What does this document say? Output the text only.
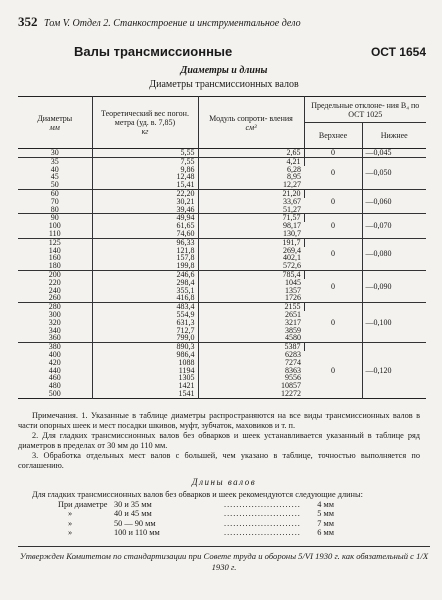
352 Том V. Отдел 2. Станкостроение и инструментальное дело
Валы трансмиссионные	ОСТ 1654
Диаметры и длины
Диаметры трансмиссионных валов
Диаметры
мм	Теоретический вес погон. метра (уд. в. 7,85)
кг	Модуль сопроти- вления
см³	Предельные отклоне- ния В₄ по ОСТ 1025	
			Верхнее	Нижнее
30	5,55	2,65	0	—0,045
35	7,55	4,21	0	—0,050
40	9,86	6,28		
45	12,48	8,95		
50	15,41	12,27		
60	22,20	21,20	0	—0,060
70	30,21	33,67		
80	39,46	51,27		
90	49,94	71,57	0	—0,070
100	61,65	98,17		
110	74,60	130,7		
125	96,33	191,7	0	—0,080
140	121,8	269,4		
160	157,8	402,1		
180	199,8	572,6		
200	246,6	785,4	0	—0,090
220	298,4	1045		
240	355,1	1357		
260	416,8	1726		
280	483,4	2155	0	—0,100
300	554,9	2651		
320	631,3	3217		
340	712,7	3859		
360	799,0	4580		
380	890,3	5387	0	—0,120
400	986,4	6283		
420	1088	7274		
440	1194	8363		
460	1305	9556		
480	1421	10857		
500	1541	12272		

Примечания. 1. Указанные в таблице диаметры распространяются на все виды трансмиссионных валов в части опорных шеек и мест посадки шкивов, муфт, зубчаток, маховиков и т. п.

2. Для гладких трансмиссионных валов без обварков и шеек устанавливается указанный в таблице ряд диаметров в пределах от 30 мм до 110 мм.

3. Обработка отдельных мест валов с большей, чем указано в таблице, точностью выполняется по соглашению.

Длины валов
Для гладких трансмиссионных валов без обварков и шеек рекомендуются следующие длины:
При диаметре	30 и 35 мм	.........................	4 мм
»	40 и 45 мм	.........................	5 мм
»	50 — 90 мм	.........................	7 мм
»	100 и 110 мм	.........................	6 мм
Утвержден Комитетом по стандартизации при Совете труда и обороны 5/VI 1930 г. как обязательный с 1/X 1930 г.
